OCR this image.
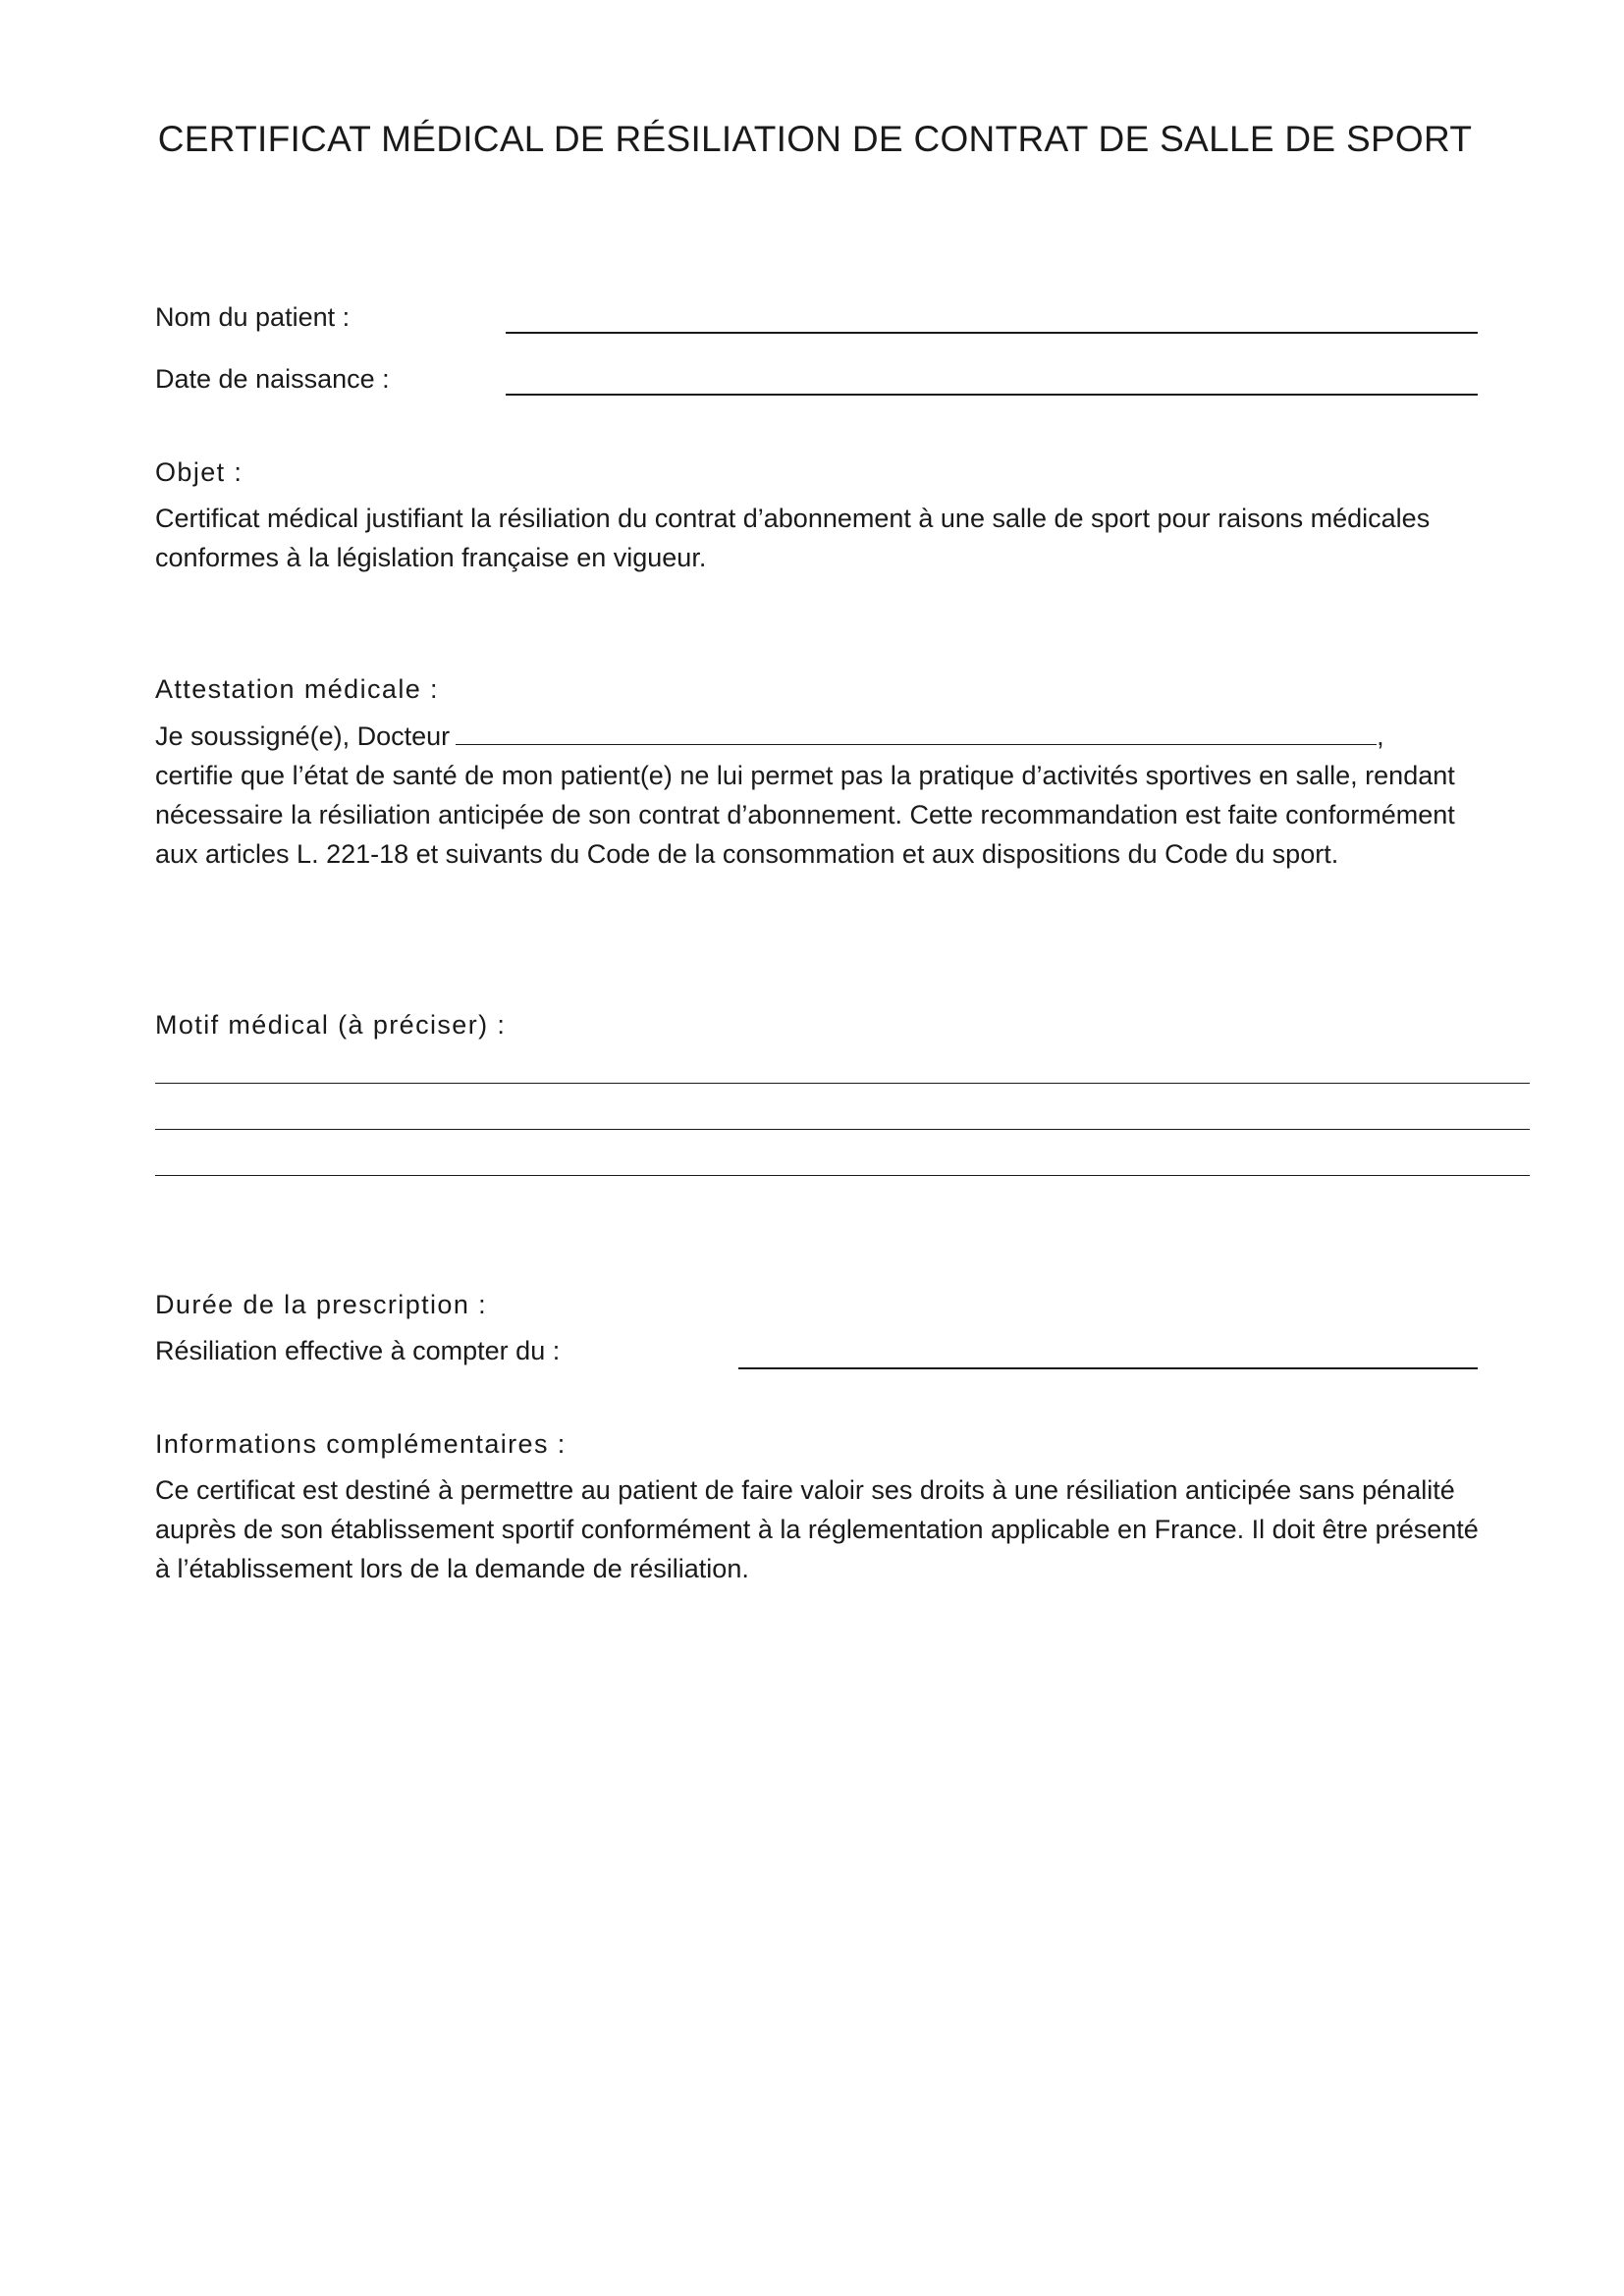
CERTIFICAT MÉDICAL DE RÉSILIATION DE CONTRAT DE SALLE DE SPORT
Nom du patient :
Date de naissance :
Objet :

Certificat médical justifiant la résiliation du contrat d’abonnement à une salle de sport pour raisons médicales conformes à la législation française en vigueur.

Attestation médicale :
Je soussigné(e), Docteur	,

certifie que l’état de santé de mon patient(e) ne lui permet pas la pratique d’activités sportives en salle, rendant nécessaire la résiliation anticipée de son contrat d’abonnement. Cette recommandation est faite conformément aux articles L. 221-18 et suivants du Code de la consommation et aux dispositions du Code du sport.

Motif médical (à préciser) :
Durée de la prescription :
Résiliation effective à compter du :
Informations complémentaires :

Ce certificat est destiné à permettre au patient de faire valoir ses droits à une résiliation anticipée sans pénalité auprès de son établissement sportif conformément à la réglementation applicable en France. Il doit être présenté à l’établissement lors de la demande de résiliation.
